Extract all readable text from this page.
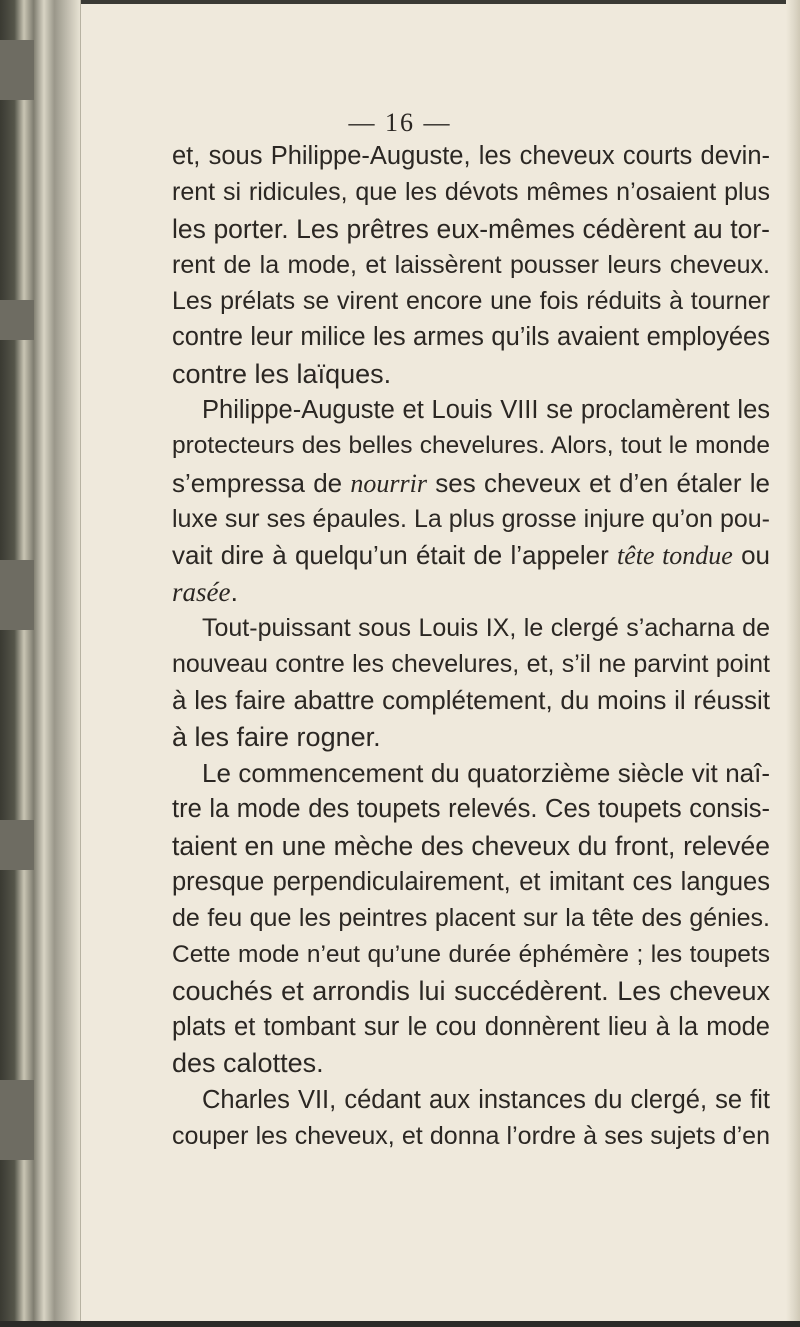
— 16 —
et, sous Philippe-Auguste, les cheveux courts devin-
rent si ridicules, que les dévots mêmes n’osaient plus
les porter. Les prêtres eux-mêmes cédèrent au tor-
rent de la mode, et laissèrent pousser leurs cheveux.
Les prélats se virent encore une fois réduits à tourner
contre leur milice les armes qu’ils avaient employées
contre les laïques.
Philippe-Auguste et Louis VIII se proclamèrent les
protecteurs des belles chevelures. Alors, tout le monde
s’empressa de nourrir ses cheveux et d’en étaler le
luxe sur ses épaules. La plus grosse injure qu’on pou-
vait dire à quelqu’un était de l’appeler tête tondue ou
rasée.
Tout-puissant sous Louis IX, le clergé s’acharna de
nouveau contre les chevelures, et, s’il ne parvint point
à les faire abattre complétement, du moins il réussit
à les faire rogner.
Le commencement du quatorzième siècle vit naî-
tre la mode des toupets relevés. Ces toupets consis-
taient en une mèche des cheveux du front, relevée
presque perpendiculairement, et imitant ces langues
de feu que les peintres placent sur la tête des génies.
Cette mode n’eut qu’une durée éphémère ; les toupets
couchés et arrondis lui succédèrent. Les cheveux
plats et tombant sur le cou donnèrent lieu à la mode
des calottes.
Charles VII, cédant aux instances du clergé, se fit
couper les cheveux, et donna l’ordre à ses sujets d’en
